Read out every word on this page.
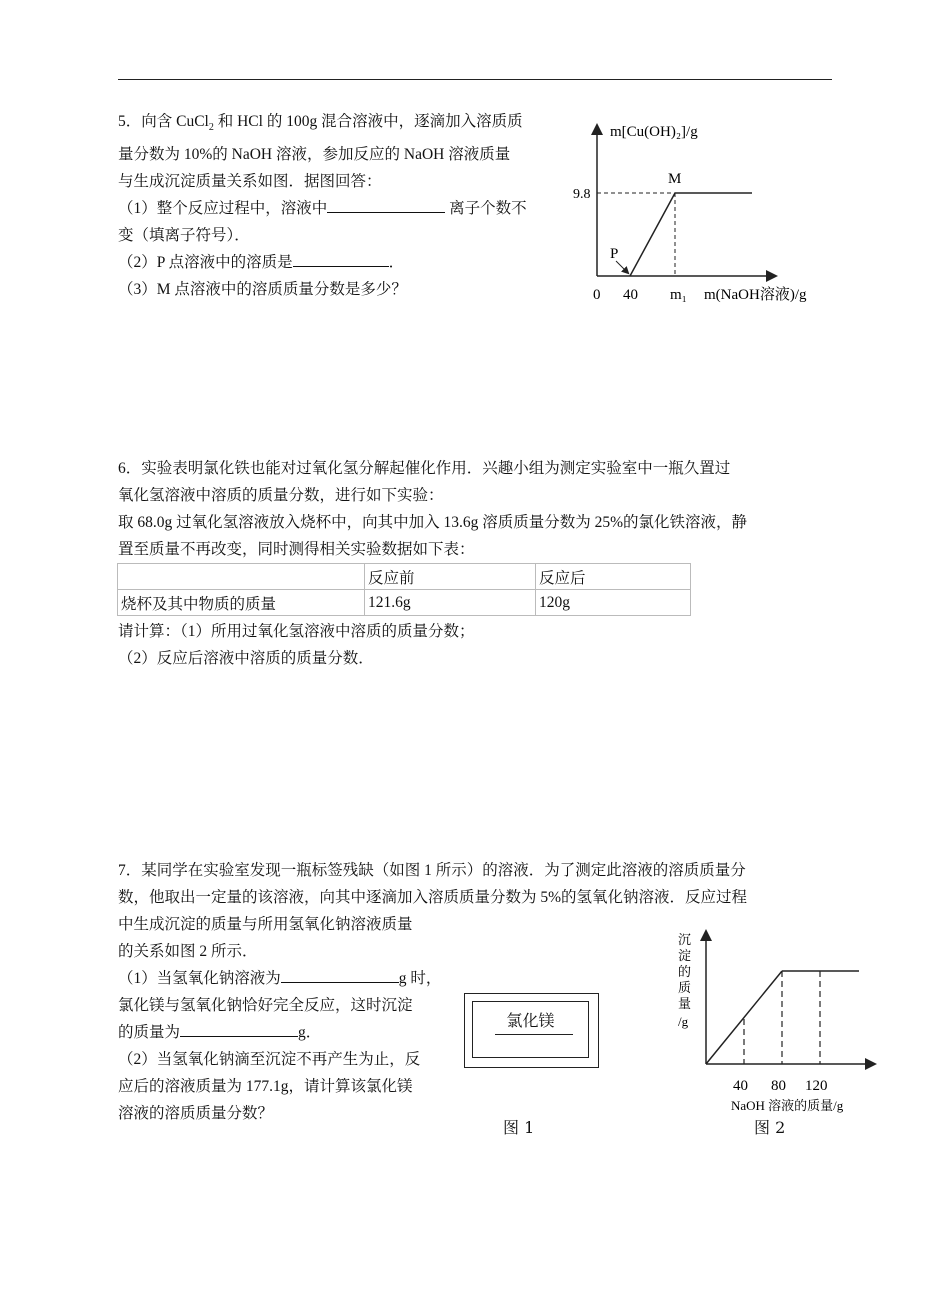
5．向含 CuCl$_2$ 和 HCl 的 100g 混合溶液中，逐滴加入溶质质
量分数为 10%的 NaOH 溶液，参加反应的 NaOH 溶液质量
与生成沉淀质量关系如图．据图回答：
（1）整个反应过程中，溶液中	离子个数不
变（填离子符号）．
（2）P 点溶液中的溶质是	．
（3）M 点溶液中的溶质质量分数是多少？
m[Cu(OH)₂]/g
9.8
M
P
0 40 m₁ m(NaOH溶液)/g
6．实验表明氯化铁也能对过氧化氢分解起催化作用．兴趣小组为测定实验室中一瓶久置过
氧化氢溶液中溶质的质量分数，进行如下实验：
取 68.0g 过氧化氢溶液放入烧杯中，向其中加入 13.6g 溶质质量分数为 25%的氯化铁溶液，静
置至质量不再改变，同时测得相关实验数据如下表：
	反应前	反应后
烧杯及其中物质的质量	121.6g	120g
请计算：（1）所用过氧化氢溶液中溶质的质量分数；
（2）反应后溶液中溶质的质量分数．
7．某同学在实验室发现一瓶标签残缺（如图 1 所示）的溶液．为了测定此溶液的溶质质量分
数，他取出一定量的该溶液，向其中逐滴加入溶质质量分数为 5%的氢氧化钠溶液．反应过程
中生成沉淀的质量与所用氢氧化钠溶液质量
的关系如图 2 所示．
（1）当氢氧化钠溶液为	g 时，
氯化镁与氢氧化钠恰好完全反应，这时沉淀
的质量为	g．
（2）当氢氧化钠滴至沉淀不再产生为止，反
应后的溶液质量为 177.1g，请计算该氯化镁
溶液的溶质质量分数？
氯化镁
图 1
沉
淀
的
质
量
/g
40 80 120
NaOH 溶液的质量/g
图 2
